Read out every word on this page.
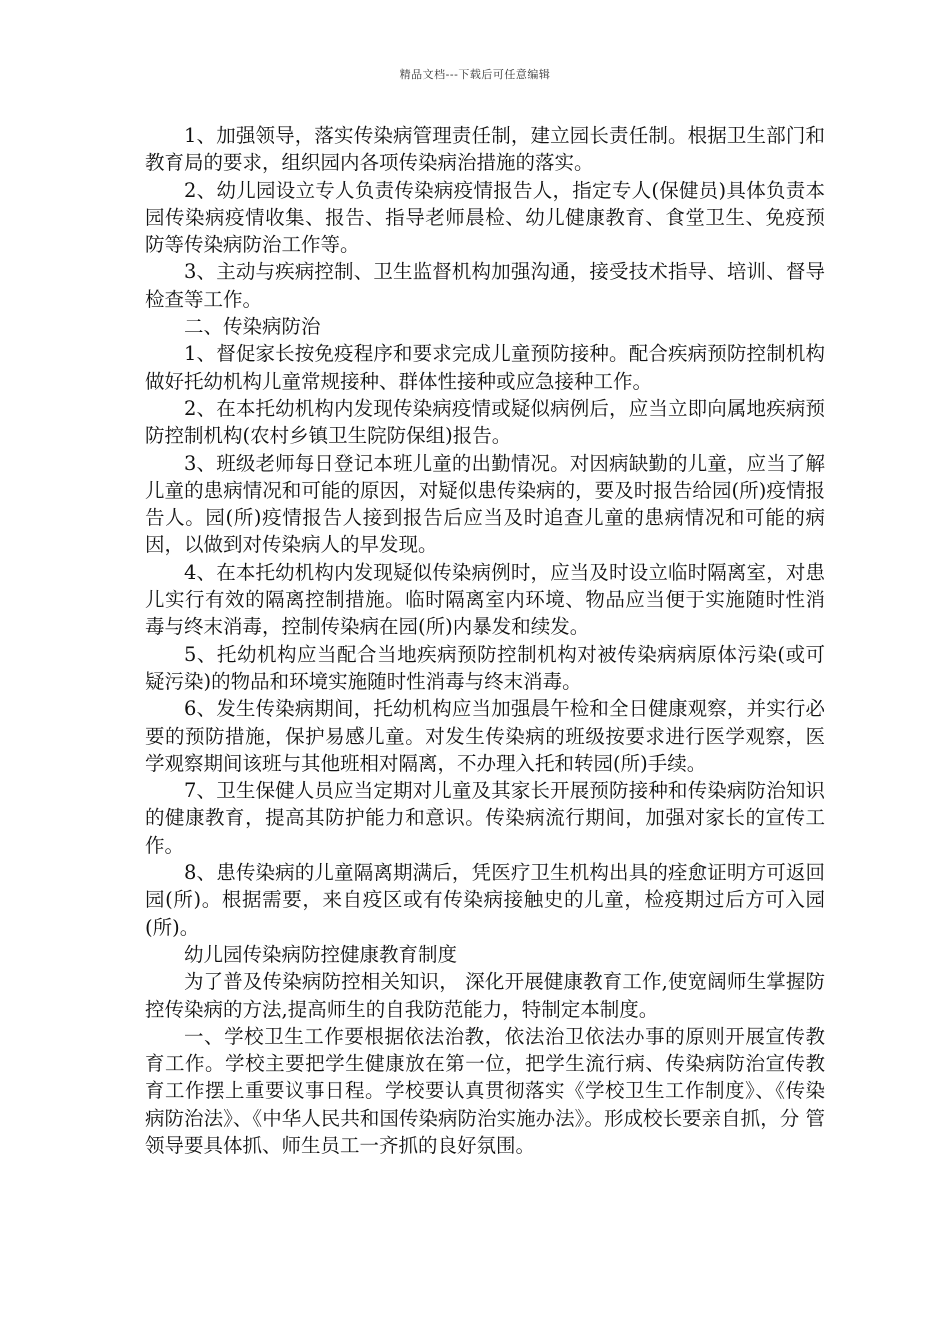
精品文档---下载后可任意编辑

1、加强领导，落实传染病管理责任制，建立园长责任制。根据卫生部门和教育局的要求，组织园内各项传染病治措施的落实。

2、幼儿园设立专人负责传染病疫情报告人，指定专人(保健员)具体负责本园传染病疫情收集、报告、指导老师晨检、幼儿健康教育、食堂卫生、免疫预防等传染病防治工作等。

3、主动与疾病控制、卫生监督机构加强沟通，接受技术指导、培训、督导检查等工作。

二、传染病防治

1、督促家长按免疫程序和要求完成儿童预防接种。配合疾病预防控制机构做好托幼机构儿童常规接种、群体性接种或应急接种工作。

2、在本托幼机构内发现传染病疫情或疑似病例后，应当立即向属地疾病预防控制机构(农村乡镇卫生院防保组)报告。

3、班级老师每日登记本班儿童的出勤情况。对因病缺勤的儿童，应当了解儿童的患病情况和可能的原因，对疑似患传染病的，要及时报告给园(所)疫情报告人。园(所)疫情报告人接到报告后应当及时追查儿童的患病情况和可能的病因，以做到对传染病人的早发现。

4、在本托幼机构内发现疑似传染病例时，应当及时设立临时隔离室，对患儿实行有效的隔离控制措施。临时隔离室内环境、物品应当便于实施随时性消毒与终末消毒，控制传染病在园(所)内暴发和续发。

5、托幼机构应当配合当地疾病预防控制机构对被传染病病原体污染(或可疑污染)的物品和环境实施随时性消毒与终末消毒。

6、发生传染病期间，托幼机构应当加强晨午检和全日健康观察，并实行必要的预防措施，保护易感儿童。对发生传染病的班级按要求进行医学观察，医学观察期间该班与其他班相对隔离，不办理入托和转园(所)手续。

7、卫生保健人员应当定期对儿童及其家长开展预防接种和传染病防治知识的健康教育，提高其防护能力和意识。传染病流行期间，加强对家长的宣传工作。

8、患传染病的儿童隔离期满后，凭医疗卫生机构出具的痊愈证明方可返回园(所)。根据需要，来自疫区或有传染病接触史的儿童，检疫期过后方可入园(所)。

幼儿园传染病防控健康教育制度

为了普及传染病防控相关知识， 深化开展健康教育工作,使宽阔师生掌握防控传染病的方法,提高师生的自我防范能力，特制定本制度。

一、学校卫生工作要根据依法治教，依法治卫依法办事的原则开展宣传教育工作。学校主要把学生健康放在第一位，把学生流行病、传染病防治宣传教育工作摆上重要议事日程。学校要认真贯彻落实《学校卫生工作制度》、《传染病防治法》、《中华人民共和国传染病防治实施办法》。形成校长要亲自抓，分 管领导要具体抓、师生员工一齐抓的良好氛围。
